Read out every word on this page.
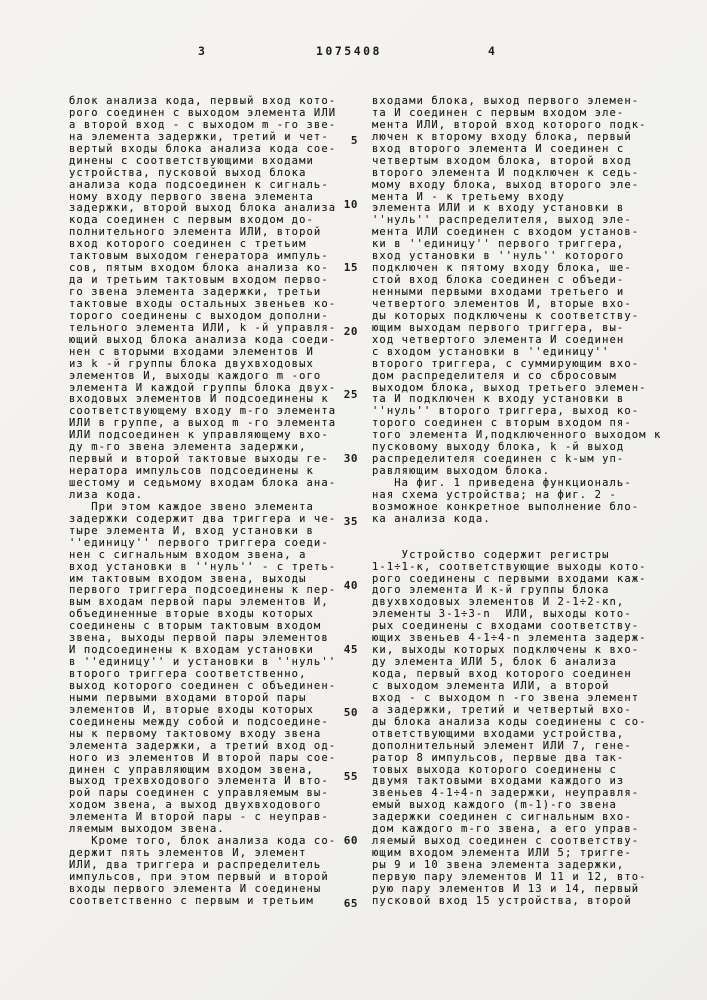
3	1075408	4
блок анализа кода, первый вход кото-
рого соединен с выходом элемента ИЛИ
а второй вход - с выходом m -го зве-
на элемента задержки, третий и чет-
вертый входы блока анализа кода сое-
динены с соответствующими входами
устройства, пусковой выход блока
анализа кода подсоединен к сигналь-
ному входу первого звена элемента
задержки, второй выход блока анализа
кода соединен с первым входом до-
полнительного элемента ИЛИ, второй
вход которого соединен с третьим
тактовым выходом генератора импуль-
сов, пятым входом блока анализа ко-
да и третьим тактовым входом перво-
го звена элемента задержки, третьи
тактовые входы остальных звеньев ко-
торого соединены с выходом дополни-
тельного элемента ИЛИ, k -й управля-
ющий выход блока анализа кода соеди-
нен с вторыми входами элементов И
из k -й группы блока двухвходовых
элементов И, выходы каждого m -ого
элемента И каждой группы блока двух-
входовых элементов И подсоединены к
соответствующему входу m-го элемента
ИЛИ в группе, а выход m -го элемента
ИЛИ подсоединен к управляющему вхо-
ду m-го звена элемента задержки,
первый и второй тактовые выходы ге-
нератора импульсов подсоединены к
шестому и седьмому входам блока ана-
лиза кода.
При этом каждое звено элемента
задержки содержит два триггера и че-
тыре элемента И, вход установки в
''единицу'' первого триггера соеди-
нен с сигнальным входом звена, а
вход установки в ''нуль'' - с треть-
им тактовым входом звена, выходы
первого триггера подсоединены к пер-
вым входам первой пары элементов И,
объединенные вторые входы которых
соединены с вторым тактовым входом
звена, выходы первой пары элементов
И подсоединены к входам установки
в ''единицу'' и установки в ''нуль''
второго триггера соответственно,
выход которого соединен с объединен-
ными первыми входами второй пары
элементов И, вторые входы которых
соединены между собой и подсоедине-
ны к первому тактовому входу звена
элемента задержки, а третий вход од-
ного из элементов И второй пары сое-
динен с управляющим входом звена,
выход трехвходового элемента И вто-
рой пары соединен с управляемым вы-
ходом звена, а выход двухвходового
элемента И второй пары - с неуправ-
ляемым выходом звена.
Кроме того, блок анализа кода со-
держит пять элементов И, элемент
ИЛИ, два триггера и распределитель
импульсов, при этом первый и второй
входы первого элемента И соединены
соответственно с первым и третьим
входами блока, выход первого элемен-
та И соединен с первым входом эле-
мента ИЛИ, второй вход которого подк-
лючен к второму входу блока, первый
вход второго элемента И соединен с
четвертым входом блока, второй вход
второго элемента И подключен к седь-
мому входу блока, выход второго эле-
мента И - к третьему входу
элемента ИЛИ и к входу установки в
''нуль'' распределителя, выход эле-
мента ИЛИ соединен с входом установ-
ки в ''единицу'' первого триггера,
вход установки в ''нуль'' которого
подключен к пятому входу блока, ше-
стой вход блока соединен с объеди-
ненными первыми входами третьего и
четвертого элементов И, вторые вхо-
ды которых подключены к соответству-
ющим выходам первого триггера, вы-
ход четвертого элемента И соединен
с входом установки в ''единицу''
второго триггера, с суммирующим вхо-
дом распределителя и со сбросовым
выходом блока, выход третьего элемен-
та И подключен к входу установки в
''нуль'' второго триггера, выход ко-
торого соединен с вторым входом пя-
того элемента И,подключенного выходом к
пусковому выходу блока, k -й выход
распределителя соединен с k-ым уп-
равляющим выходом блока.
На фиг. 1 приведена функциональ-
ная схема устройства; на фиг. 2 -
возможное конкретное выполнение бло-
ка анализа кода.

Устройство содержит регистры
1-1÷1-к, соответствующие выходы кото-
рого соединены с первыми входами каж-
дого элемента И к-й группы блока
двухвходовых элементов И 2-1÷2-кn,
элементы 3-1÷3-n  ИЛИ, выходы кото-
рых соединены с входами соответству-
ющих звеньев 4-1÷4-n элемента задерж-
ки, выходы которых подключены к вхо-
ду элемента ИЛИ 5, блок 6 анализа
кода, первый вход которого соединен
с выходом элемента ИЛИ, а второй
вход - с выходом n -го звена элемент
а задержки, третий и четвертый вхо-
ды блока анализа коды соединены с со-
ответствующими входами устройства,
дополнительный элемент ИЛИ 7, гене-
ратор 8 импульсов, первые два так-
товых выхода которого соединены с
двумя тактовыми входами каждого из
звеньев 4-1÷4-n задержки, неуправля-
емый выход каждого (m-1)-го звена
задержки соединен с сигнальным вхо-
дом каждого m-го звена, а его управ-
ляемый выход соединен с соответству-
ющим входом элемента ИЛИ 5; тригге-
ры 9 и 10 звена элемента задержки,
первую пару элементов И 11 и 12, вто-
рую пару элементов И 13 и 14, первый
пусковой вход 15 устройства, второй
5
10
15
20
25
30
35
40
45
50
55
60
65
